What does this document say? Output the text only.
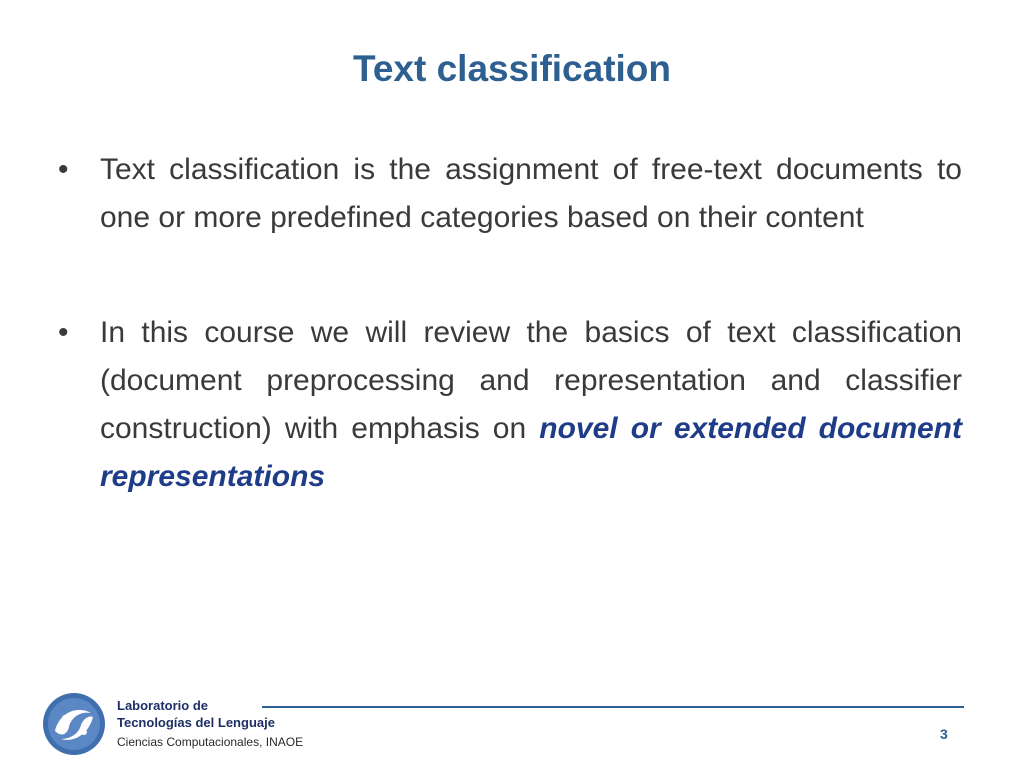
Text classification
•	Text classification is the assignment of free-text documents to one or more predefined categories based on their content
•	In this course we will review the basics of text classification (document preprocessing and representation and classifier construction) with emphasis on novel or extended document representations
Laboratorio de
Tecnologías del Lenguaje
Ciencias Computacionales, INAOE	3
